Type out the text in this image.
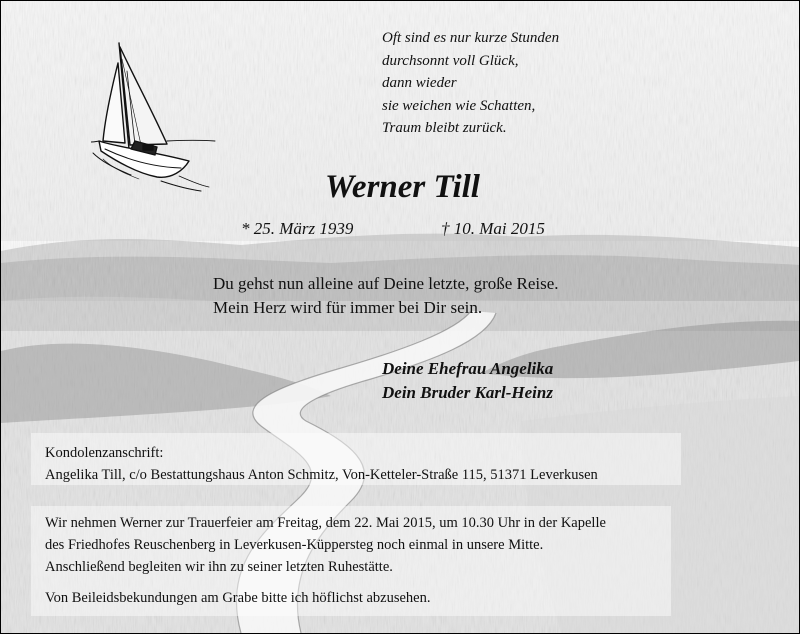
Oft sind es nur kurze Stunden
durchsonnt voll Glück,
dann wieder
sie weichen wie Schatten,
Traum bleibt zurück.
Werner Till
* 25. März 1939	† 10. Mai 2015
Du gehst nun alleine auf Deine letzte, große Reise.
Mein Herz wird für immer bei Dir sein.
Deine Ehefrau Angelika
Dein Bruder Karl-Heinz
Kondolenzanschrift:
Angelika Till, c/o Bestattungshaus Anton Schmitz, Von-Ketteler-Straße 115, 51371 Leverkusen
Wir nehmen Werner zur Trauerfeier am Freitag, dem 22. Mai 2015, um 10.30 Uhr in der Kapelle
des Friedhofes Reuschenberg in Leverkusen-Küppersteg noch einmal in unsere Mitte.
Anschließend begleiten wir ihn zu seiner letzten Ruhestätte.
Von Beileidsbekundungen am Grabe bitte ich höflichst abzusehen.
